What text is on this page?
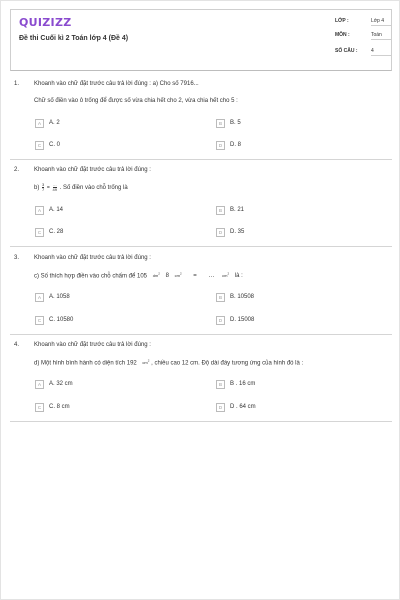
QUIZIZZ
Đề thi Cuối kì 2 Toán lớp 4 (Đề 4)
LỚP :	Lớp 4
MÔN :	Toán
SỐ CÂU :	4
1. Khoanh vào chữ đặt trước câu trả lời đúng : a) Cho số 7916...
Chữ số điền vào ô trống để được số vừa chia hết cho 2, vừa chia hết cho 5 :
A	A. 2	B	B. 5
C	C. 0	D	D. 8
2. Khoanh vào chữ đặt trước câu trả lời đúng :
$b) \frac{3}{7} = \frac{\dots}{49}$ . Số điền vào chỗ trống là
A	A. 14	B	B. 21
C	C. 28	D	D. 35
3. Khoanh vào chữ đặt trước câu trả lời đúng :
c) Số thích hợp điền vào chỗ chấm để 105 $dm^2$ 8 $cm^2$ = … $cm^2$ là :
A	A. 1058	B	B. 10508
C	C. 10580	D	D. 15008
4. Khoanh vào chữ đặt trước câu trả lời đúng :
d) Một hình bình hành có diện tích 192 $cm^2$ , chiều cao 12 cm. Độ dài đáy tương ứng của hình đó là :
A	A. 32 cm	B	B . 16 cm
C	C. 8 cm	D	D . 64 cm
